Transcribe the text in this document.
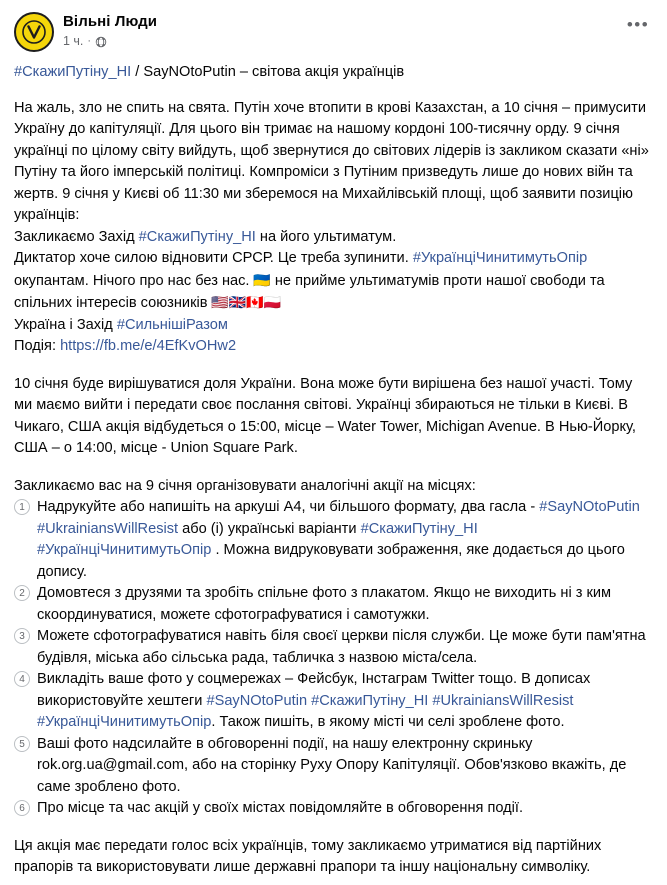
Вільні Люди
1 ч. ·
•••
#СкажиПутіну_НІ / SayNOtoPutin – світова акція українців
На жаль, зло не спить на свята. Путін хоче втопити в крові Казахстан, а 10 січня – примусити Україну до капітуляції. Для цього він тримає на нашому кордоні 100-тисячну орду. 9 січня українці по цілому світу вийдуть, щоб звернутися до світових лідерів із закликом сказати «ні» Путіну та його імперській політиці. Компроміси з Путіним призведуть лише до нових війн та жертв. 9 січня у Києві об 11:30 ми зберемося на Михайлівській площі, щоб заявити позицію українців:
Закликаємо Захід #СкажиПутіну_НІ на його ультиматум.
Диктатор хоче силою відновити СРСР. Це треба зупинити. #УкраїнціЧинитимутьОпір
окупантам. Нічого про нас без нас. 🇺🇦 не прийме ультиматумів проти нашої свободи та спільних інтересів союзників 🇺🇸🇬🇧🇨🇦🇵🇱
Україна і Захід #СильнішіРазом
Подія: https://fb.me/e/4EfKvOHw2
10 січня буде вирішуватися доля України. Вона може бути вирішена без нашої участі. Тому ми маємо вийти і передати своє послання світові. Українці збираються не тільки в Києві. В Чикаго, США акція відбудеться о 15:00, місце – Water Tower, Michigan Avenue. В Нью-Йорку, США – о 14:00, місце - Union Square Park.
Закликаємо вас на 9 січня організовувати аналогічні акції на місцях:
1 Надрукуйте або напишіть на аркуші А4, чи більшого формату, два гасла - #SayNOtoPutin #UkrainiansWillResist або (і) українські варіанти #СкажиПутіну_НІ #УкраїнціЧинитимутьОпір . Можна видруковувати зображення, яке додається до цього допису.
2 Домовтеся з друзями та зробіть спільне фото з плакатом. Якщо не виходить ні з ким скоординуватися, можете сфотографуватися і самотужки.
3 Можете сфотографуватися навіть біля своєї церкви після служби. Це може бути пам'ятна будівля, міська або сільська рада, табличка з назвою міста/села.
4 Викладіть ваше фото у соцмережах – Фейсбук, Інстаграм Twitter тощо. В дописах використовуйте хештеги #SayNOtoPutin #СкажиПутіну_НІ #UkrainiansWillResist #УкраїнціЧинитимутьОпір. Також пишіть, в якому місті чи селі зроблене фото.
5 Ваші фото надсилайте в обговоренні події, на нашу електронну скриньку rok.org.ua@gmail.com, або на сторінку Руху Опору Капітуляції. Обов'язково вкажіть, де саме зроблено фото.
6 Про місце та час акцій у своїх містах повідомляйте в обговорення події.
Ця акція має передати голос всіх українців, тому закликаємо утриматися від партійних прапорів та використовувати лише державні прапори та іншу національну символіку.
